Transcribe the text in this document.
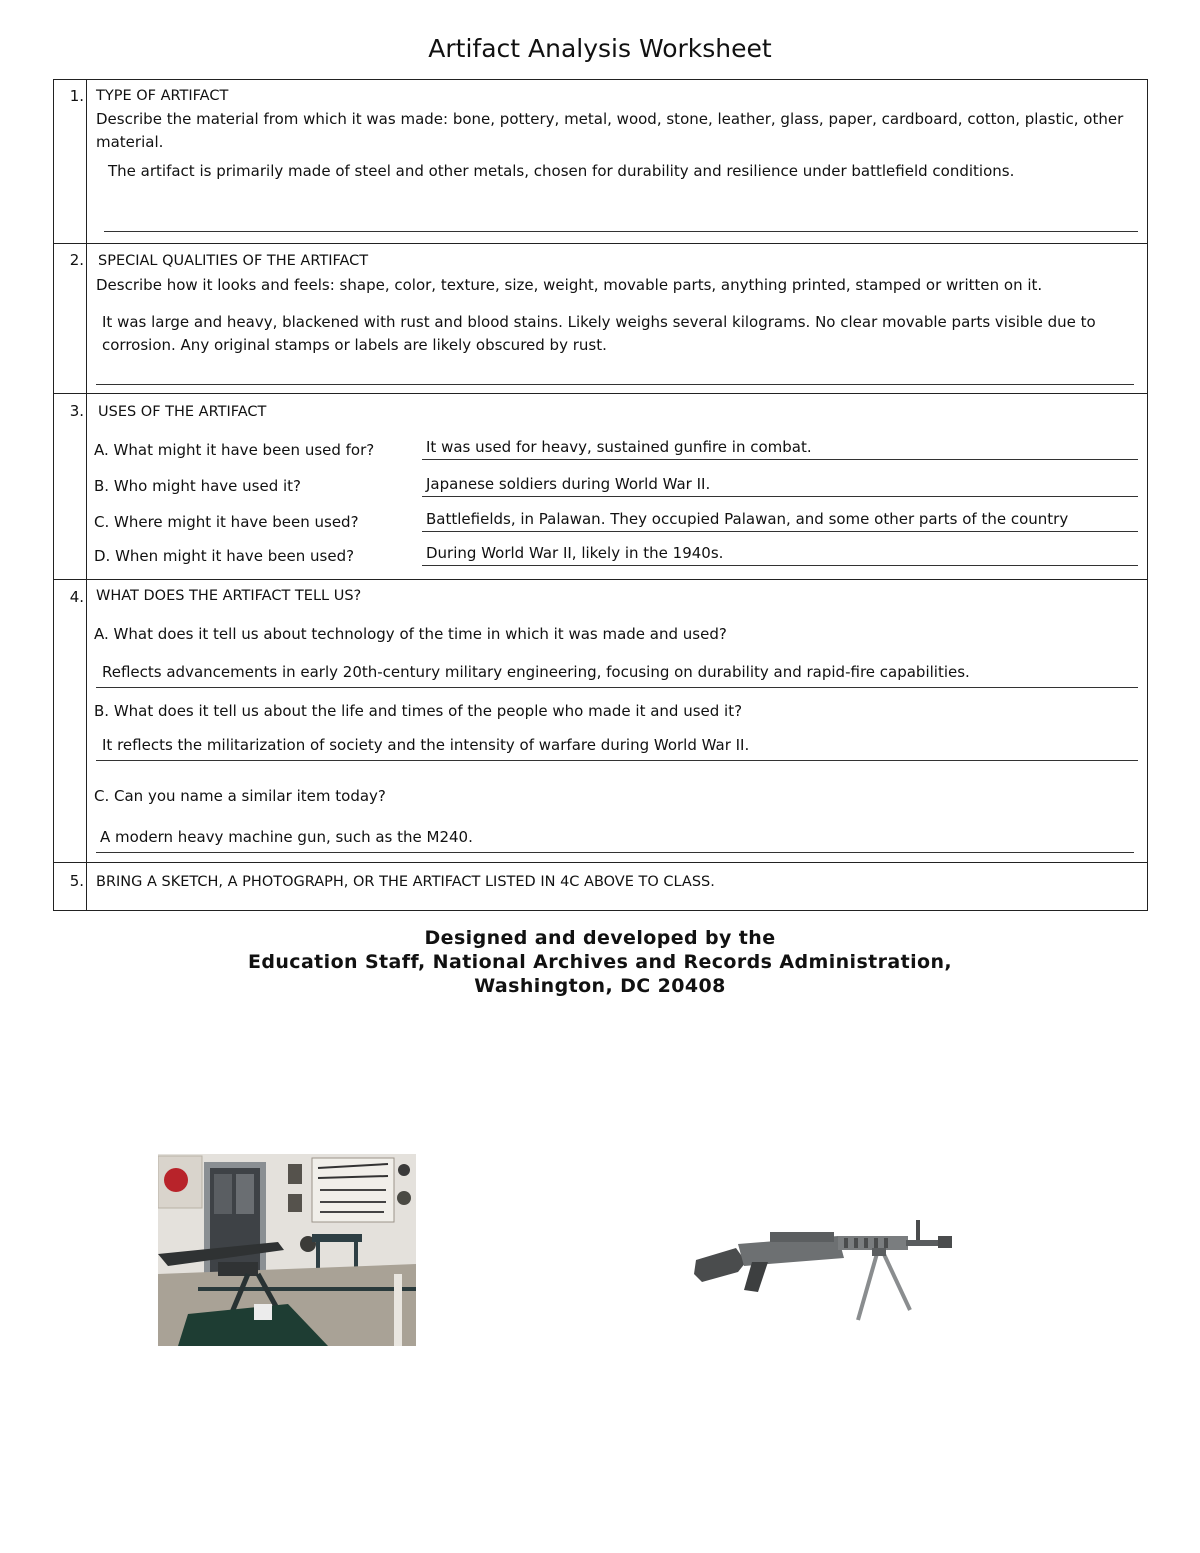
Artifact Analysis Worksheet
1. TYPE OF ARTIFACT
Describe the material from which it was made: bone, pottery, metal, wood, stone, leather, glass, paper, cardboard, cotton, plastic, other material.
The artifact is primarily made of steel and other metals, chosen for durability and resilience under battlefield conditions.
2. SPECIAL QUALITIES OF THE ARTIFACT
Describe how it looks and feels: shape, color, texture, size, weight, movable parts, anything printed, stamped or written on it.
It was large and heavy, blackened with rust and blood stains. Likely weighs several kilograms. No clear movable parts visible due to corrosion. Any original stamps or labels are likely obscured by rust.
3. USES OF THE ARTIFACT
A. What might it have been used for?	It was used for heavy, sustained gunfire in combat.
B. Who might have used it?	Japanese soldiers during World War II.
C. Where might it have been used?	Battlefields, in Palawan. They occupied Palawan, and some other parts of the country
D. When might it have been used?	During World War II, likely in the 1940s.
4. WHAT DOES THE ARTIFACT TELL US?
A. What does it tell us about technology of the time in which it was made and used?
Reflects advancements in early 20th-century military engineering, focusing on durability and rapid-fire capabilities.
B. What does it tell us about the life and times of the people who made it and used it?
It reflects the militarization of society and the intensity of warfare during World War II.
C. Can you name a similar item today?
A modern heavy machine gun, such as the M240.
5. BRING A SKETCH, A PHOTOGRAPH, OR THE ARTIFACT LISTED IN 4C ABOVE TO CLASS.
Designed and developed by the
Education Staff, National Archives and Records Administration,
Washington, DC 20408
